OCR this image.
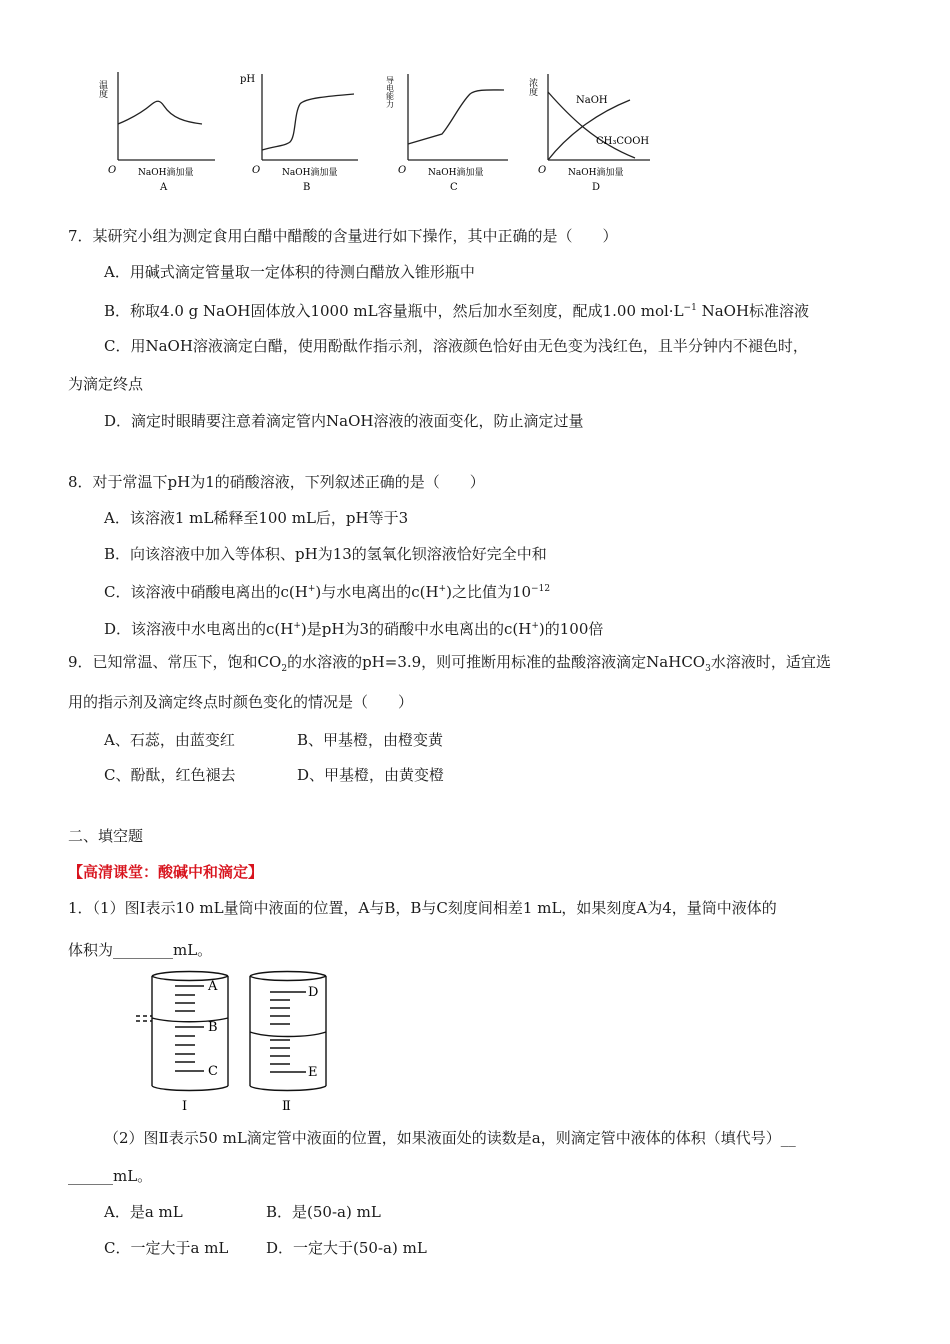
温度
O NaOH滴加量
A
pH
O NaOH滴加量
B
导电能力
O NaOH滴加量
C
浓度
NaOH
CH₃COOH
O NaOH滴加量
D
7．某研究小组为测定食用白醋中醋酸的含量进行如下操作，其中正确的是（　　）
A．用碱式滴定管量取一定体积的待测白醋放入锥形瓶中
B．称取4.0 g NaOH固体放入1000 mL容量瓶中，然后加水至刻度，配成1.00 $mol\cdot L^{-1}$ NaOH标准溶液
C．用NaOH溶液滴定白醋，使用酚酞作指示剂，溶液颜色恰好由无色变为浅红色，且半分钟内不褪色时，
为滴定终点
D．滴定时眼睛要注意着滴定管内NaOH溶液的液面变化，防止滴定过量
8．对于常温下pH为1的硝酸溶液，下列叙述正确的是（　　）
A．该溶液1 mL稀释至100 mL后，pH等于3
B．向该溶液中加入等体积、pH为13的氢氧化钡溶液恰好完全中和
C．该溶液中硝酸电离出的c(H+)与水电离出的c(H+)之比值为$10^{-12}$
D．该溶液中水电离出的c(H+)是pH为3的硝酸中水电离出的c(H+)的100倍
9．已知常温、常压下，饱和$CO_2$的水溶液的pH=3.9，则可推断用标准的盐酸溶液滴定NaHCO$_3$水溶液时，适宜选
用的指示剂及滴定终点时颜色变化的情况是（　　）
A、石蕊，由蓝变红	B、甲基橙，由橙变黄
C、酚酞，红色褪去	D、甲基橙，由黄变橙
二、填空题
【高清课堂：酸碱中和滴定】
1．（1）图Ⅰ表示10 mL量筒中液面的位置，A与B，B与C刻度间相差1 mL，如果刻度A为4，量筒中液体的
体积为________mL。
A
B
C
Ⅰ
D
E
Ⅱ
（2）图Ⅱ表示50 mL滴定管中液面的位置，如果液面处的读数是a，则滴定管中液体的体积（填代号）__
______mL。
A．是a mL	B．是(50-a) mL
C．一定大于a mL	D．一定大于(50-a) mL
